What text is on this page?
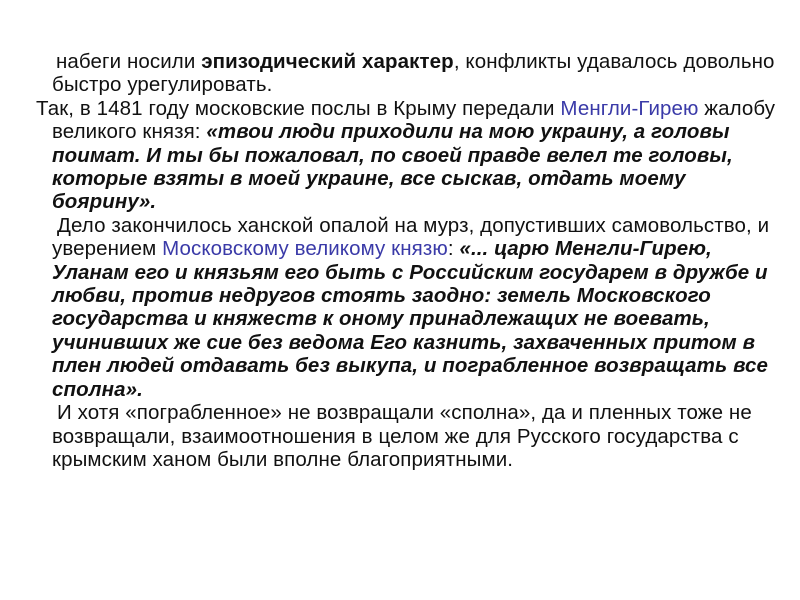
набеги носили эпизодический характер, конфликты удавалось довольно быстро урегулировать.

Так, в 1481 году московские послы в Крыму передали Менгли-Гирею жалобу великого князя: «твои люди приходили на мою украину, а головы поимат. И ты бы пожаловал, по своей правде велел те головы, которые взяты в моей украине, все сыскав, отдать моему боярину».

Дело закончилось ханской опалой на мурз, допустивших самовольство, и уверением Московскому великому князю: «... царю Менгли-Гирею, Уланам его и князьям его быть с Российским государем в дружбе и любви, против недругов стоять заодно: земель Московского государства и княжеств к оному принадлежащих не воевать, учинивших же сие без ведома Его казнить, захваченных притом в плен людей отдавать без выкупа, и пограбленное возвращать все сполна».

И хотя «пограбленное» не возвращали «сполна», да и пленных тоже не возвращали, взаимоотношения в целом же для Русского государства с крымским ханом были вполне благоприятными.
